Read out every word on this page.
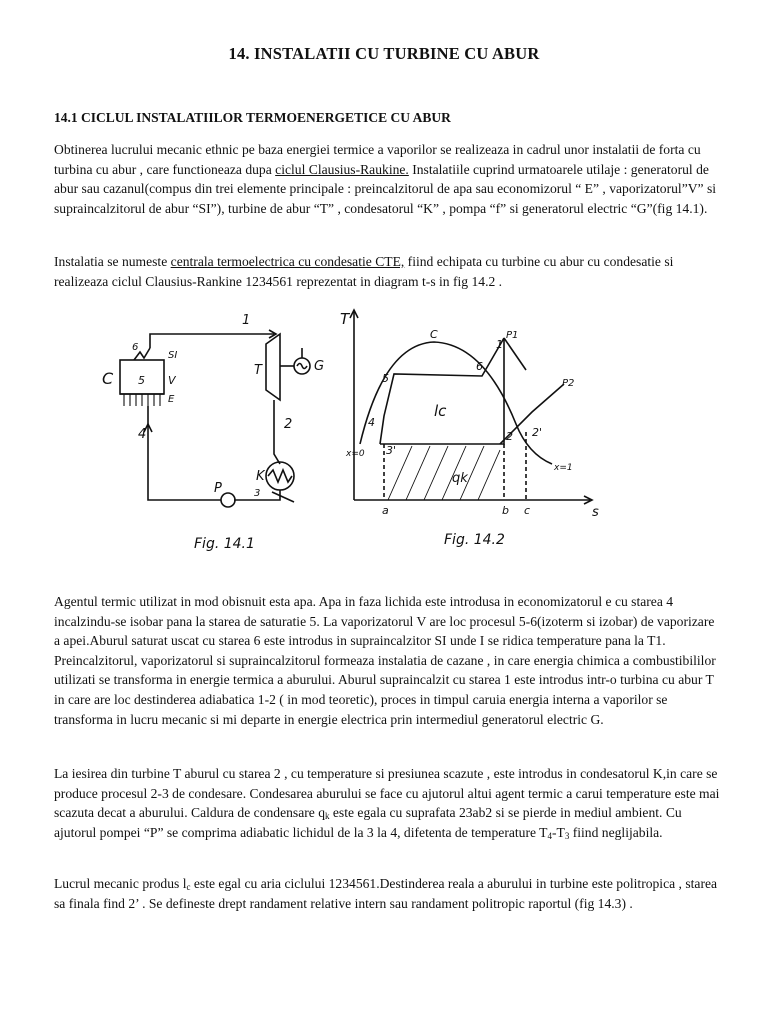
14. INSTALATII CU TURBINE CU ABUR
14.1 CICLUL INSTALATIILOR TERMOENERGETICE CU ABUR
Obtinerea lucrului mecanic ethnic pe baza energiei termice a vaporilor se realizeaza in cadrul unor instalatii de forta cu turbina cu abur , care functioneaza dupa ciclul Clausius-Raukine. Instalatiile cuprind urmatoarele utilaje : generatorul de abur sau cazanul(compus din trei elemente principale : preincalzitorul de apa sau economizorul “ E” , vaporizatorul”V” si supraincalzitorul de abur “SI”), turbine de abur “T” , condesatorul “K” , pompa “f” si generatorul electric “G”(fig 14.1).
Instalatia se numeste centrala termoelectrica cu condesatie CTE, fiind echipata cu turbine cu abur cu condesatie si realizeaza ciclul Clausius-Rankine 1234561 reprezentat in diagram t-s in fig 14.2 .
C
SI
V
E
5
6
T	G
K
P
1
2
3
4
Fig. 14.1
T
s
C	P1
P2
1
2 2'
3'
4
5
6
lc
qk
a	b c
x=0
x=1
Fig. 14.2
Agentul termic utilizat in mod obisnuit esta apa. Apa in faza lichida este introdusa in economizatorul e cu starea 4 incalzindu-se isobar pana la starea de saturatie 5. La vaporizatorul V are loc procesul 5-6(izoterm si izobar) de vaporizare a apei.Aburul saturat uscat cu starea 6 este introdus in supraincalzitor SI unde I se ridica temperature pana la T1. Preincalzitorul, vaporizatorul si supraincalzitorul formeaza instalatia de cazane , in care energia chimica a combustibililor utilizati se transforma in energie termica a aburului. Aburul supraincalzit cu starea 1 este introdus intr-o turbina cu abur T in care are loc destinderea adiabatica 1-2 ( in mod teoretic), proces in timpul caruia energia interna a vaporilor se transforma in lucru mecanic si mi departe in energie electrica prin intermediul generatorul electric G.
La iesirea din turbine T aburul cu starea 2 , cu temperature si presiunea scazute , este introdus in condesatorul K,in care se produce procesul 2-3 de condesare. Condesarea aburului se face cu ajutorul altui agent termic a carui temperature este mai scazuta decat a aburului. Caldura de condensare $q_k$ este egala cu suprafata 23ab2 si se pierde in mediul ambient. Cu ajutorul pompei “P” se comprima adiabatic lichidul de la 3 la 4, difetenta de temperature $T_4-T_3$ fiind neglijabila.
Lucrul mecanic produs $l_c$ este egal cu aria ciclului 1234561.Destinderea reala a aburului in turbine este politropica , starea sa finala find 2’ . Se defineste drept randament relative intern sau randament politropic raportul (fig 14.3) .
